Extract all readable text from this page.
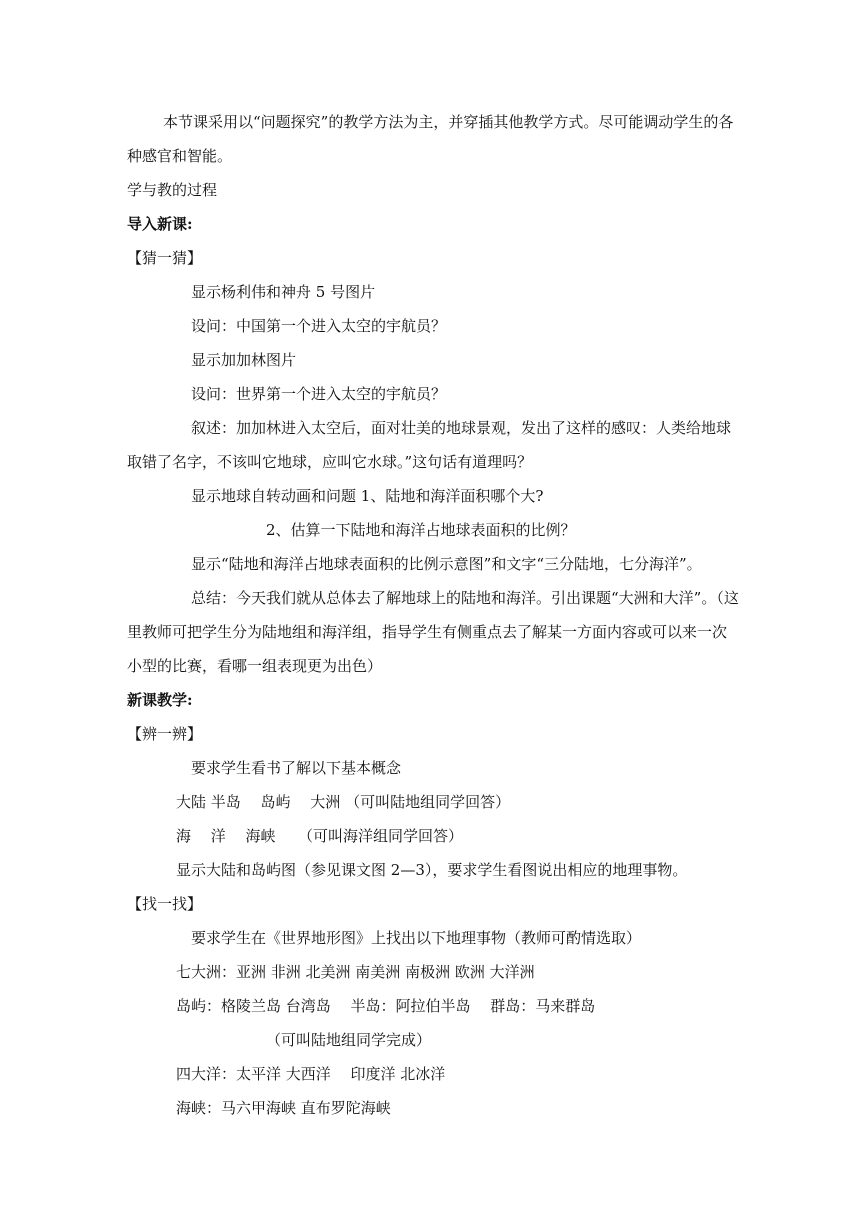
本节课采用以“问题探究”的教学方法为主，并穿插其他教学方式。尽可能调动学生的各
种感官和智能。
学与教的过程
导入新课:
【猜一猜】
显示杨利伟和神舟 5 号图片
设问：中国第一个进入太空的宇航员？
显示加加林图片
设问：世界第一个进入太空的宇航员？
叙述：加加林进入太空后，面对壮美的地球景观，发出了这样的感叹：人类给地球
取错了名字，不该叫它地球，应叫它水球。”这句话有道理吗？
显示地球自转动画和问题 1、陆地和海洋面积哪个大?
2、估算一下陆地和海洋占地球表面积的比例？
显示“陆地和海洋占地球表面积的比例示意图”和文字“三分陆地，七分海洋”。
总结：今天我们就从总体去了解地球上的陆地和海洋。引出课题“大洲和大洋”。（这
里教师可把学生分为陆地组和海洋组，指导学生有侧重点去了解某一方面内容或可以来一次
小型的比赛，看哪一组表现更为出色）
新课教学:
【辨一辨】
要求学生看书了解以下基本概念
大陆 半岛　 岛屿　 大洲 （可叫陆地组同学回答）
海　 洋　 海峡　　（可叫海洋组同学回答）
显示大陆和岛屿图（参见课文图 2—3），要求学生看图说出相应的地理事物。
【找一找】
要求学生在《世界地形图》上找出以下地理事物（教师可酌情选取）
七大洲：亚洲 非洲 北美洲 南美洲 南极洲 欧洲 大洋洲
岛屿：格陵兰岛 台湾岛　 半岛：阿拉伯半岛　 群岛：马来群岛
（可叫陆地组同学完成）
四大洋：太平洋 大西洋　 印度洋 北冰洋
海峡：马六甲海峡 直布罗陀海峡
